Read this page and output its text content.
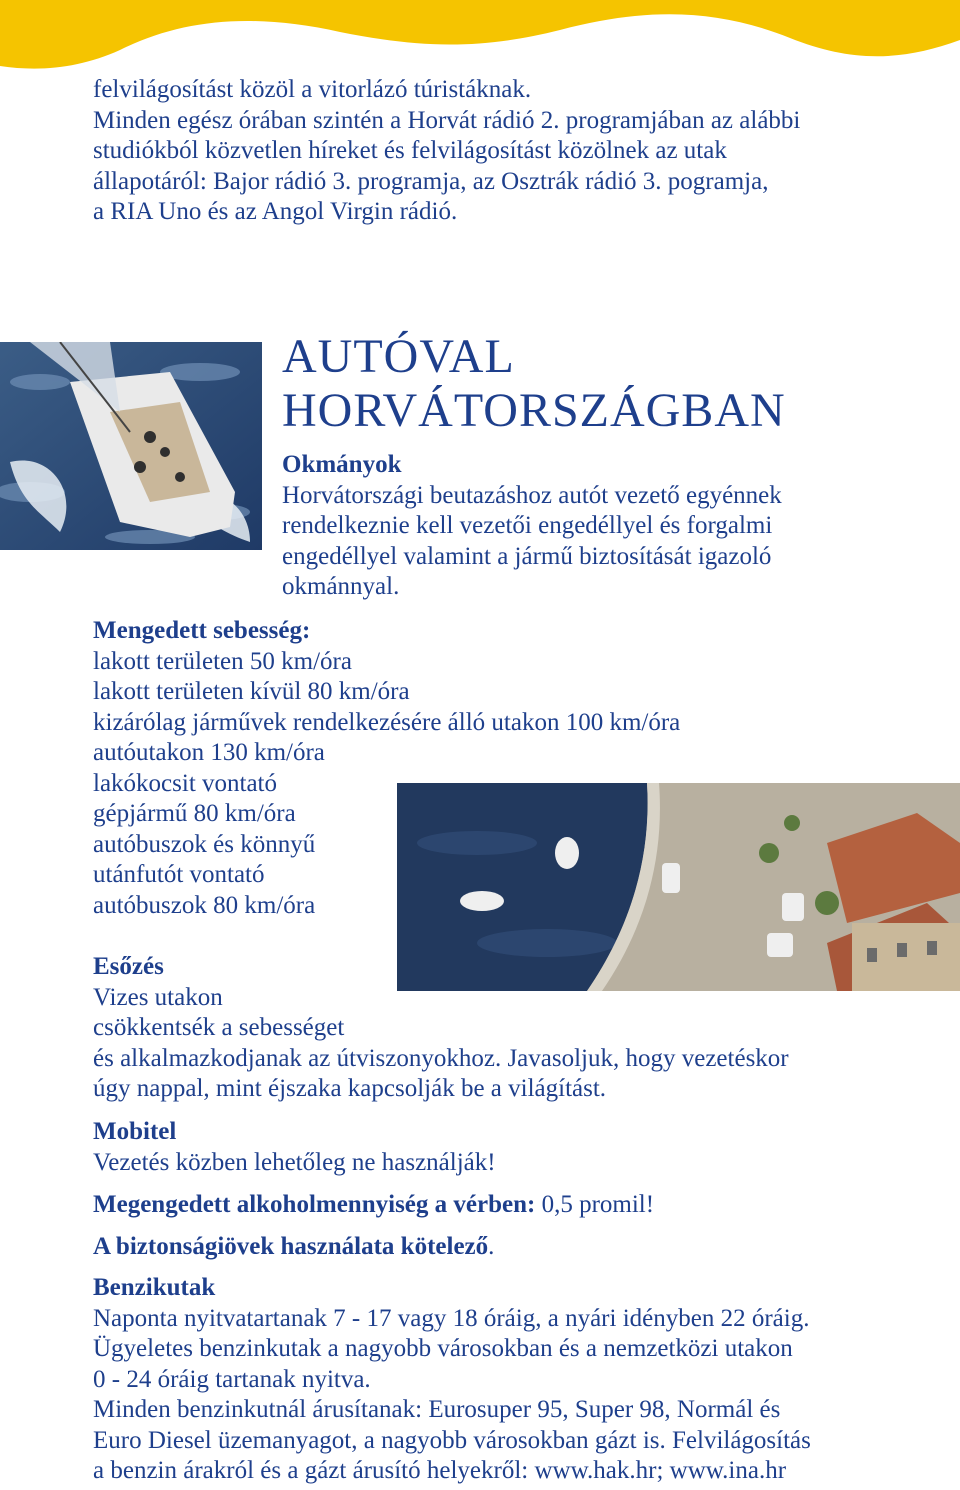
felvilágosítást közöl a vitorlázó túristáknak.
Minden egész órában szintén a Horvát rádió 2. programjában az alábbi
studiókból közvetlen híreket és felvilágosítást közölnek az utak
állapotáról: Bajor rádió 3. programja, az Osztrák rádió 3. pogramja,
a RIA Uno és az Angol Virgin rádió.

AUTÓVAL
HORVÁTORSZÁGBAN
Okmányok
Horvátországi beutazáshoz autót vezető egyénnek
rendelkeznie kell vezetői engedéllyel és forgalmi
engedéllyel valamint a jármű biztosítását igazoló
okmánnyal.
Mengedett sebesség:
lakott területen 50 km/óra
lakott területen kívül 80 km/óra
kizárólag járművek rendelkezésére álló utakon 100 km/óra
autóutakon 130 km/óra
lakókocsit vontató
gépjármű 80 km/óra
autóbuszok és könnyű
utánfutót vontató
autóbuszok 80 km/óra
Esőzés
Vizes utakon
csökkentsék a sebességet
és alkalmazkodjanak az útviszonyokhoz. Javasoljuk, hogy vezetéskor
úgy nappal, mint éjszaka kapcsolják be a világítást.
Mobitel
Vezetés közben lehetőleg ne használják!
Megengedett alkoholmennyiség a vérben: 0,5 promil!
A biztonságiövek használata kötelező.
Benzikutak
Naponta nyitvatartanak 7 - 17 vagy 18 óráig, a nyári idényben 22 óráig.
Ügyeletes benzinkutak a nagyobb városokban és a nemzetközi utakon
0 - 24 óráig tartanak nyitva.
Minden benzinkutnál árusítanak: Eurosuper 95, Super 98, Normál és
Euro Diesel üzemanyagot, a nagyobb városokban gázt is. Felvilágosítás
a benzin árakról és a gázt árusító helyekről: www.hak.hr; www.ina.hr
